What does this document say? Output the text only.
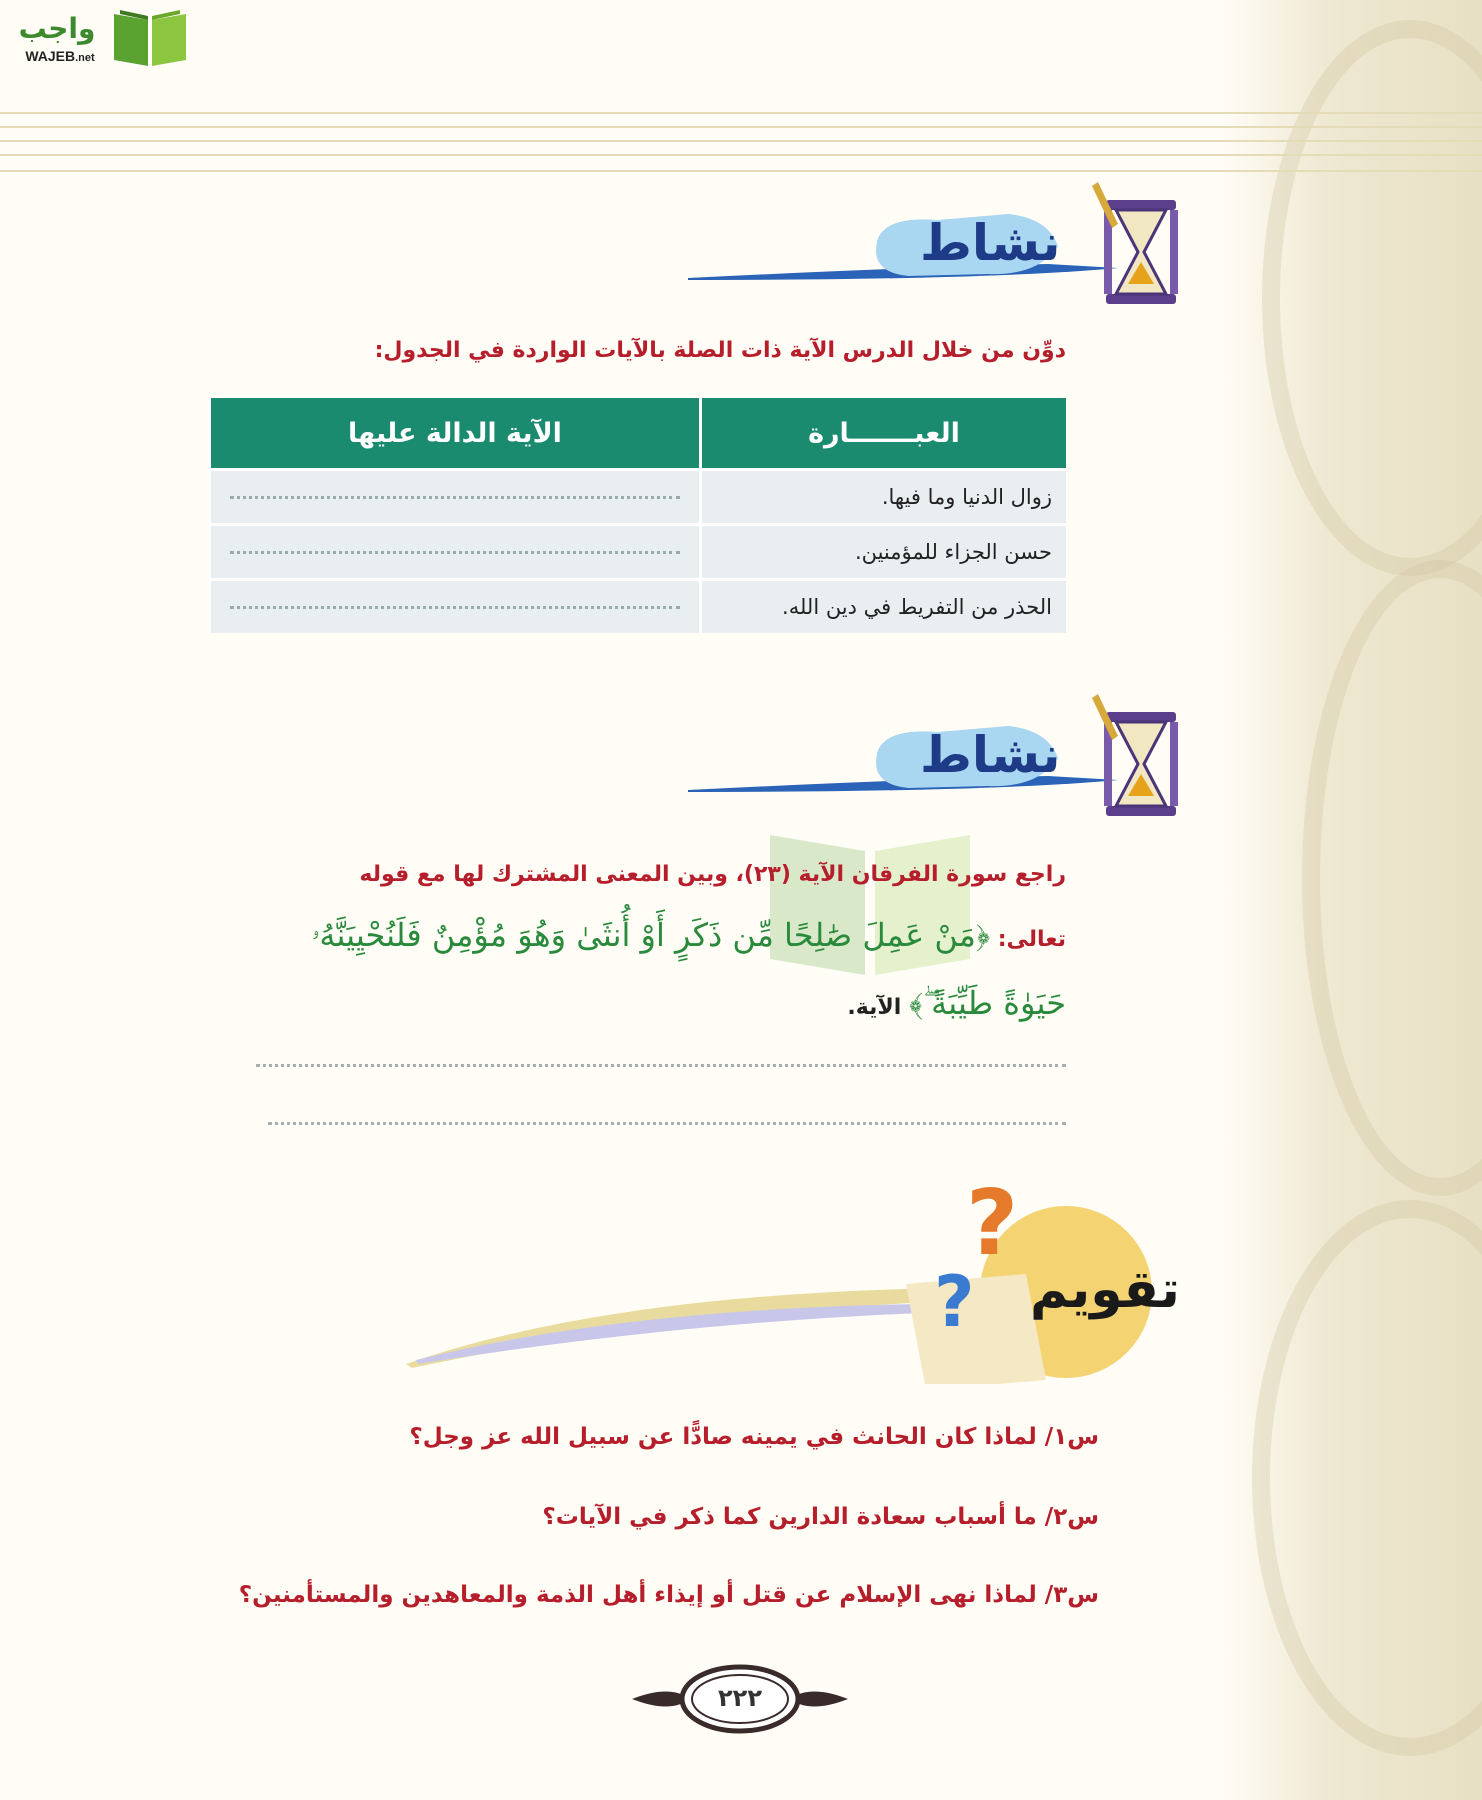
واجب
WAJEB.net
نشاط
دوِّن من خلال الدرس الآية ذات الصلة بالآيات الواردة في الجدول:
العبـــــــارة	الآية الدالة عليها
زوال الدنيا وما فيها.	

حسن الجزاء للمؤمنين.	

الحذر من التفريط في دين الله.	
نشاط
راجع سورة الفرقان الآية (٢٣)، وبين المعنى المشترك لها مع قوله
تعالى: ﴿مَنْ عَمِلَ صَٰلِحًا مِّن ذَكَرٍ أَوْ أُنثَىٰ وَهُوَ مُؤْمِنٌ فَلَنُحْيِيَنَّهُۥ
حَيَوٰةً طَيِّبَةً ۖ﴾ الآية.
?
? تقويم
س١/ لماذا كان الحانث في يمينه صادًّا عن سبيل الله عز وجل؟
س٢/ ما أسباب سعادة الدارين كما ذكر في الآيات؟
س٣/ لماذا نهى الإسلام عن قتل أو إيذاء أهل الذمة والمعاهدين والمستأمنين؟
٢٢٢
